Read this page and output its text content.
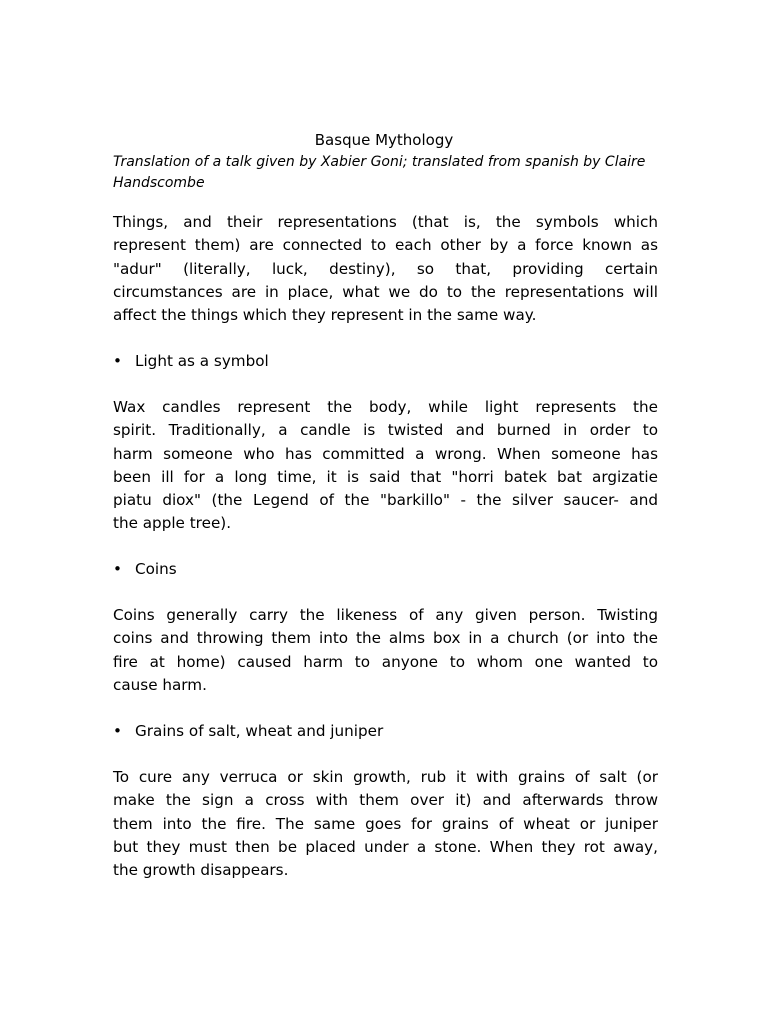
Basque Mythology
Translation of a talk given by Xabier Goni; translated from spanish by Claire
Handscombe
Things, and their representations (that is, the symbols which
represent them) are connected to each other by a force known as
"adur" (literally, luck, destiny), so that, providing certain
circumstances are in place, what we do to the representations will
affect the things which they represent in the same way.
• Light as a symbol
Wax candles represent the body, while light represents the
spirit. Traditionally, a candle is twisted and burned in order to
harm someone who has committed a wrong. When someone has
been ill for a long time, it is said that "horri batek bat argizatie
piatu diox" (the Legend of the "barkillo" - the silver saucer- and
the apple tree).
• Coins
Coins generally carry the likeness of any given person. Twisting
coins and throwing them into the alms box in a church (or into the
fire at home) caused harm to anyone to whom one wanted to
cause harm.
• Grains of salt, wheat and juniper
To cure any verruca or skin growth, rub it with grains of salt (or
make the sign a cross with them over it) and afterwards throw
them into the fire. The same goes for grains of wheat or juniper
but they must then be placed under a stone. When they rot away,
the growth disappears.
